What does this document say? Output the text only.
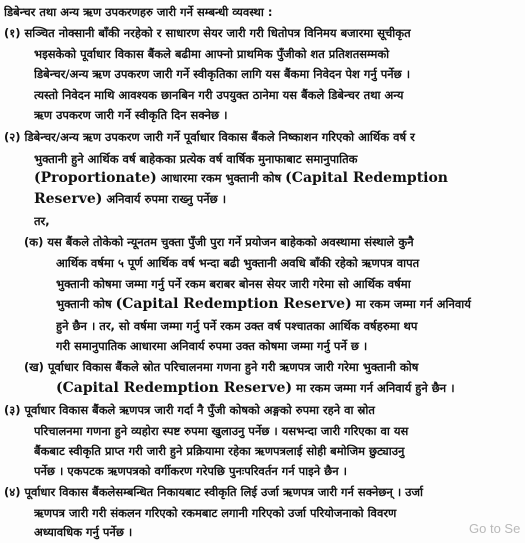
डिबेन्चर तथा अन्य ऋण उपकरणहरु जारी गर्ने सम्बन्धी व्यवस्था :
(१) सञ्चित नोक्सानी बाँकी नरहेको र साधारण सेयर जारी गरी धितोपत्र विनिमय बजारमा सूचीकृत
भइसकेको पूर्वाधार विकास बैंकले बढीमा आफ्नो प्राथमिक पुँजीको शत प्रतिशतसम्मको
डिबेन्चर/अन्य ऋण उपकरण जारी गर्ने स्वीकृतिका लागि यस बैंकमा निवेदन पेश गर्नु पर्नेछ ।
त्यस्तो निवेदन माथि आवश्यक छानबिन गरी उपयुक्त ठानेमा यस बैंकले डिबेन्चर तथा अन्य
ऋण उपकरण जारी गर्ने स्वीकृति दिन सक्नेछ ।
(२) डिबेन्चर/अन्य ऋण उपकरण जारी गर्ने पूर्वाधार विकास बैंकले निष्काशन गरिएको आर्थिक वर्ष र
भुक्तानी हुने आर्थिक वर्ष बाहेकका प्रत्येक वर्ष वार्षिक मुनाफाबाट समानुपातिक
(Proportionate) आधारमा रकम भुक्तानी कोष (Capital Redemption
Reserve) अनिवार्य रुपमा राख्नु पर्नेछ ।
तर,
(क) यस बैंकले तोकेको न्यूनतम चुक्ता पुँजी पुरा गर्ने प्रयोजन बाहेकको अवस्थामा संस्थाले कुनै
आर्थिक वर्षमा ५ पूर्ण आर्थिक वर्ष भन्दा बढी भुक्तानी अवधि बाँकी रहेको ऋणपत्र वापत
भुक्तानी कोषमा जम्मा गर्नु पर्ने रकम बराबर बोनस सेयर जारी गरेमा सो आर्थिक वर्षमा
भुक्तानी कोष (Capital Redemption Reserve) मा रकम जम्मा गर्न अनिवार्य
हुने छैन । तर, सो वर्षमा जम्मा गर्नु पर्ने रकम उक्त वर्ष पश्चातका आर्थिक वर्षहरुमा थप
गरी समानुपातिक आधारमा अनिवार्य रुपमा उक्त कोषमा जम्मा गर्नु पर्ने छ ।
(ख) पूर्वाधार विकास बैंकले स्रोत परिचालनमा गणना हुने गरी ऋणपत्र जारी गरेमा भुक्तानी कोष
(Capital Redemption Reserve) मा रकम जम्मा गर्न अनिवार्य हुने छैन ।
(३) पूर्वाधार विकास बैंकले ऋणपत्र जारी गर्दा नै पुँजी कोषको अङ्गको रुपमा रहने वा स्रोत
परिचालनमा गणना हुने व्यहोरा स्पष्ट रुपमा खुलाउनु पर्नेछ । यसभन्दा जारी गरिएका वा यस
बैंकबाट स्वीकृति प्राप्त गरी जारी हुने प्रक्रियामा रहेका ऋणपत्रलाई सोही बमोजिम छुट्याउनु
पर्नेछ । एकपटक ऋणपत्रको वर्गीकरण गरेपछि पुनःपरिवर्तन गर्न पाइने छैन ।
(४) पूर्वाधार विकास बैंकलेसम्बन्धित निकायबाट स्वीकृति लिई उर्जा ऋणपत्र जारी गर्न सक्नेछन् । उर्जा
ऋणपत्र जारी गरी संकलन गरिएको रकमबाट लगानी गरिएको उर्जा परियोजनाको विवरण
अध्यावधिक गर्नु पर्नेछ ।	Go to Se
